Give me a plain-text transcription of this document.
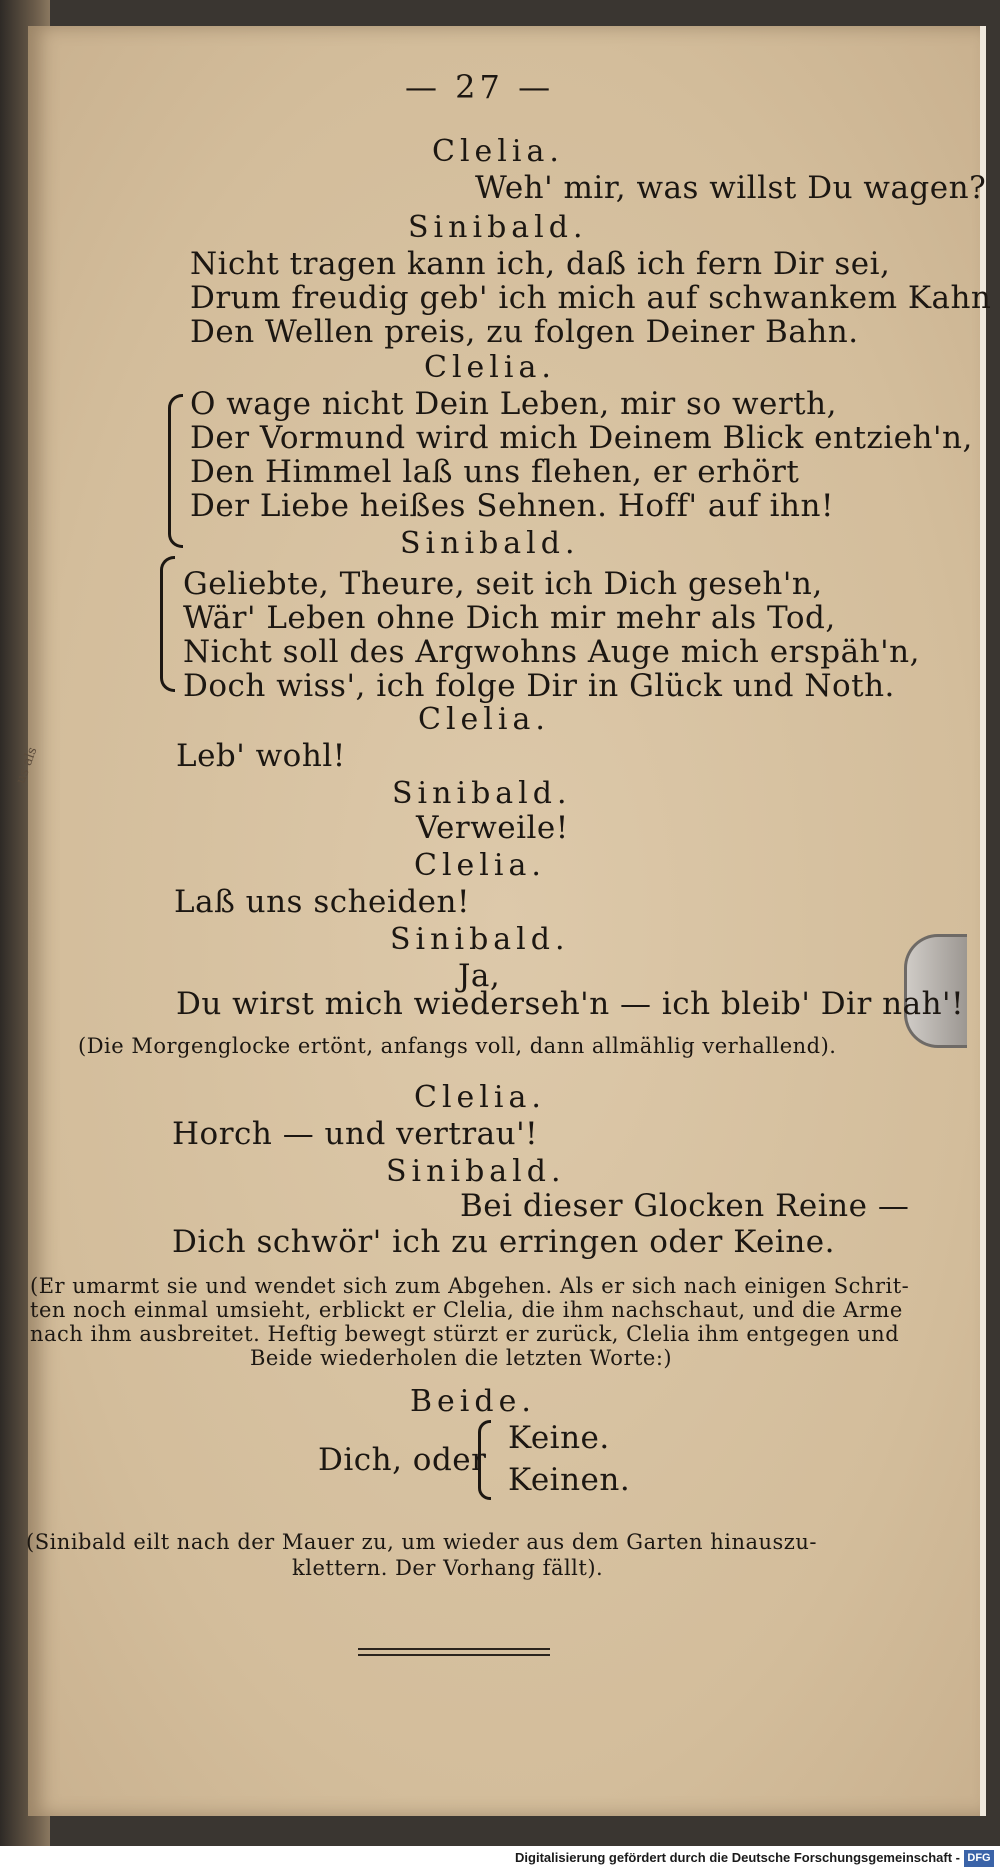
us als
— 27 —
Clelia.
Weh' mir, was willst Du wagen?
Sinibald.
Nicht tragen kann ich, daß ich fern Dir sei,
Drum freudig geb' ich mich auf schwankem Kahn
Den Wellen preis, zu folgen Deiner Bahn.
Clelia.
O wage nicht Dein Leben, mir so werth,
Der Vormund wird mich Deinem Blick entzieh'n,
Den Himmel laß uns flehen, er erhört
Der Liebe heißes Sehnen. Hoff' auf ihn!
Sinibald.
Geliebte, Theure, seit ich Dich geseh'n,
Wär' Leben ohne Dich mir mehr als Tod,
Nicht soll des Argwohns Auge mich erspäh'n,
Doch wiss', ich folge Dir in Glück und Noth.
Clelia.
Leb' wohl!
Sinibald.
Verweile!
Clelia.
Laß uns scheiden!
Sinibald.
Ja,
Du wirst mich wiederseh'n — ich bleib' Dir nah'!
(Die Morgenglocke ertönt, anfangs voll, dann allmählig verhallend).
Clelia.
Horch — und vertrau'!
Sinibald.
Bei dieser Glocken Reine —
Dich schwör' ich zu erringen oder Keine.
(Er umarmt sie und wendet sich zum Abgehen. Als er sich nach einigen Schrit-
ten noch einmal umsieht, erblickt er Clelia, die ihm nachschaut, und die Arme
nach ihm ausbreitet. Heftig bewegt stürzt er zurück, Clelia ihm entgegen und
Beide wiederholen die letzten Worte:)
Beide.
Dich, oder
Keine.
Keinen.
(Sinibald eilt nach der Mauer zu, um wieder aus dem Garten hinauszu-
klettern. Der Vorhang fällt).
Digitalisierung gefördert durch die Deutsche Forschungsgemeinschaft - DFG
